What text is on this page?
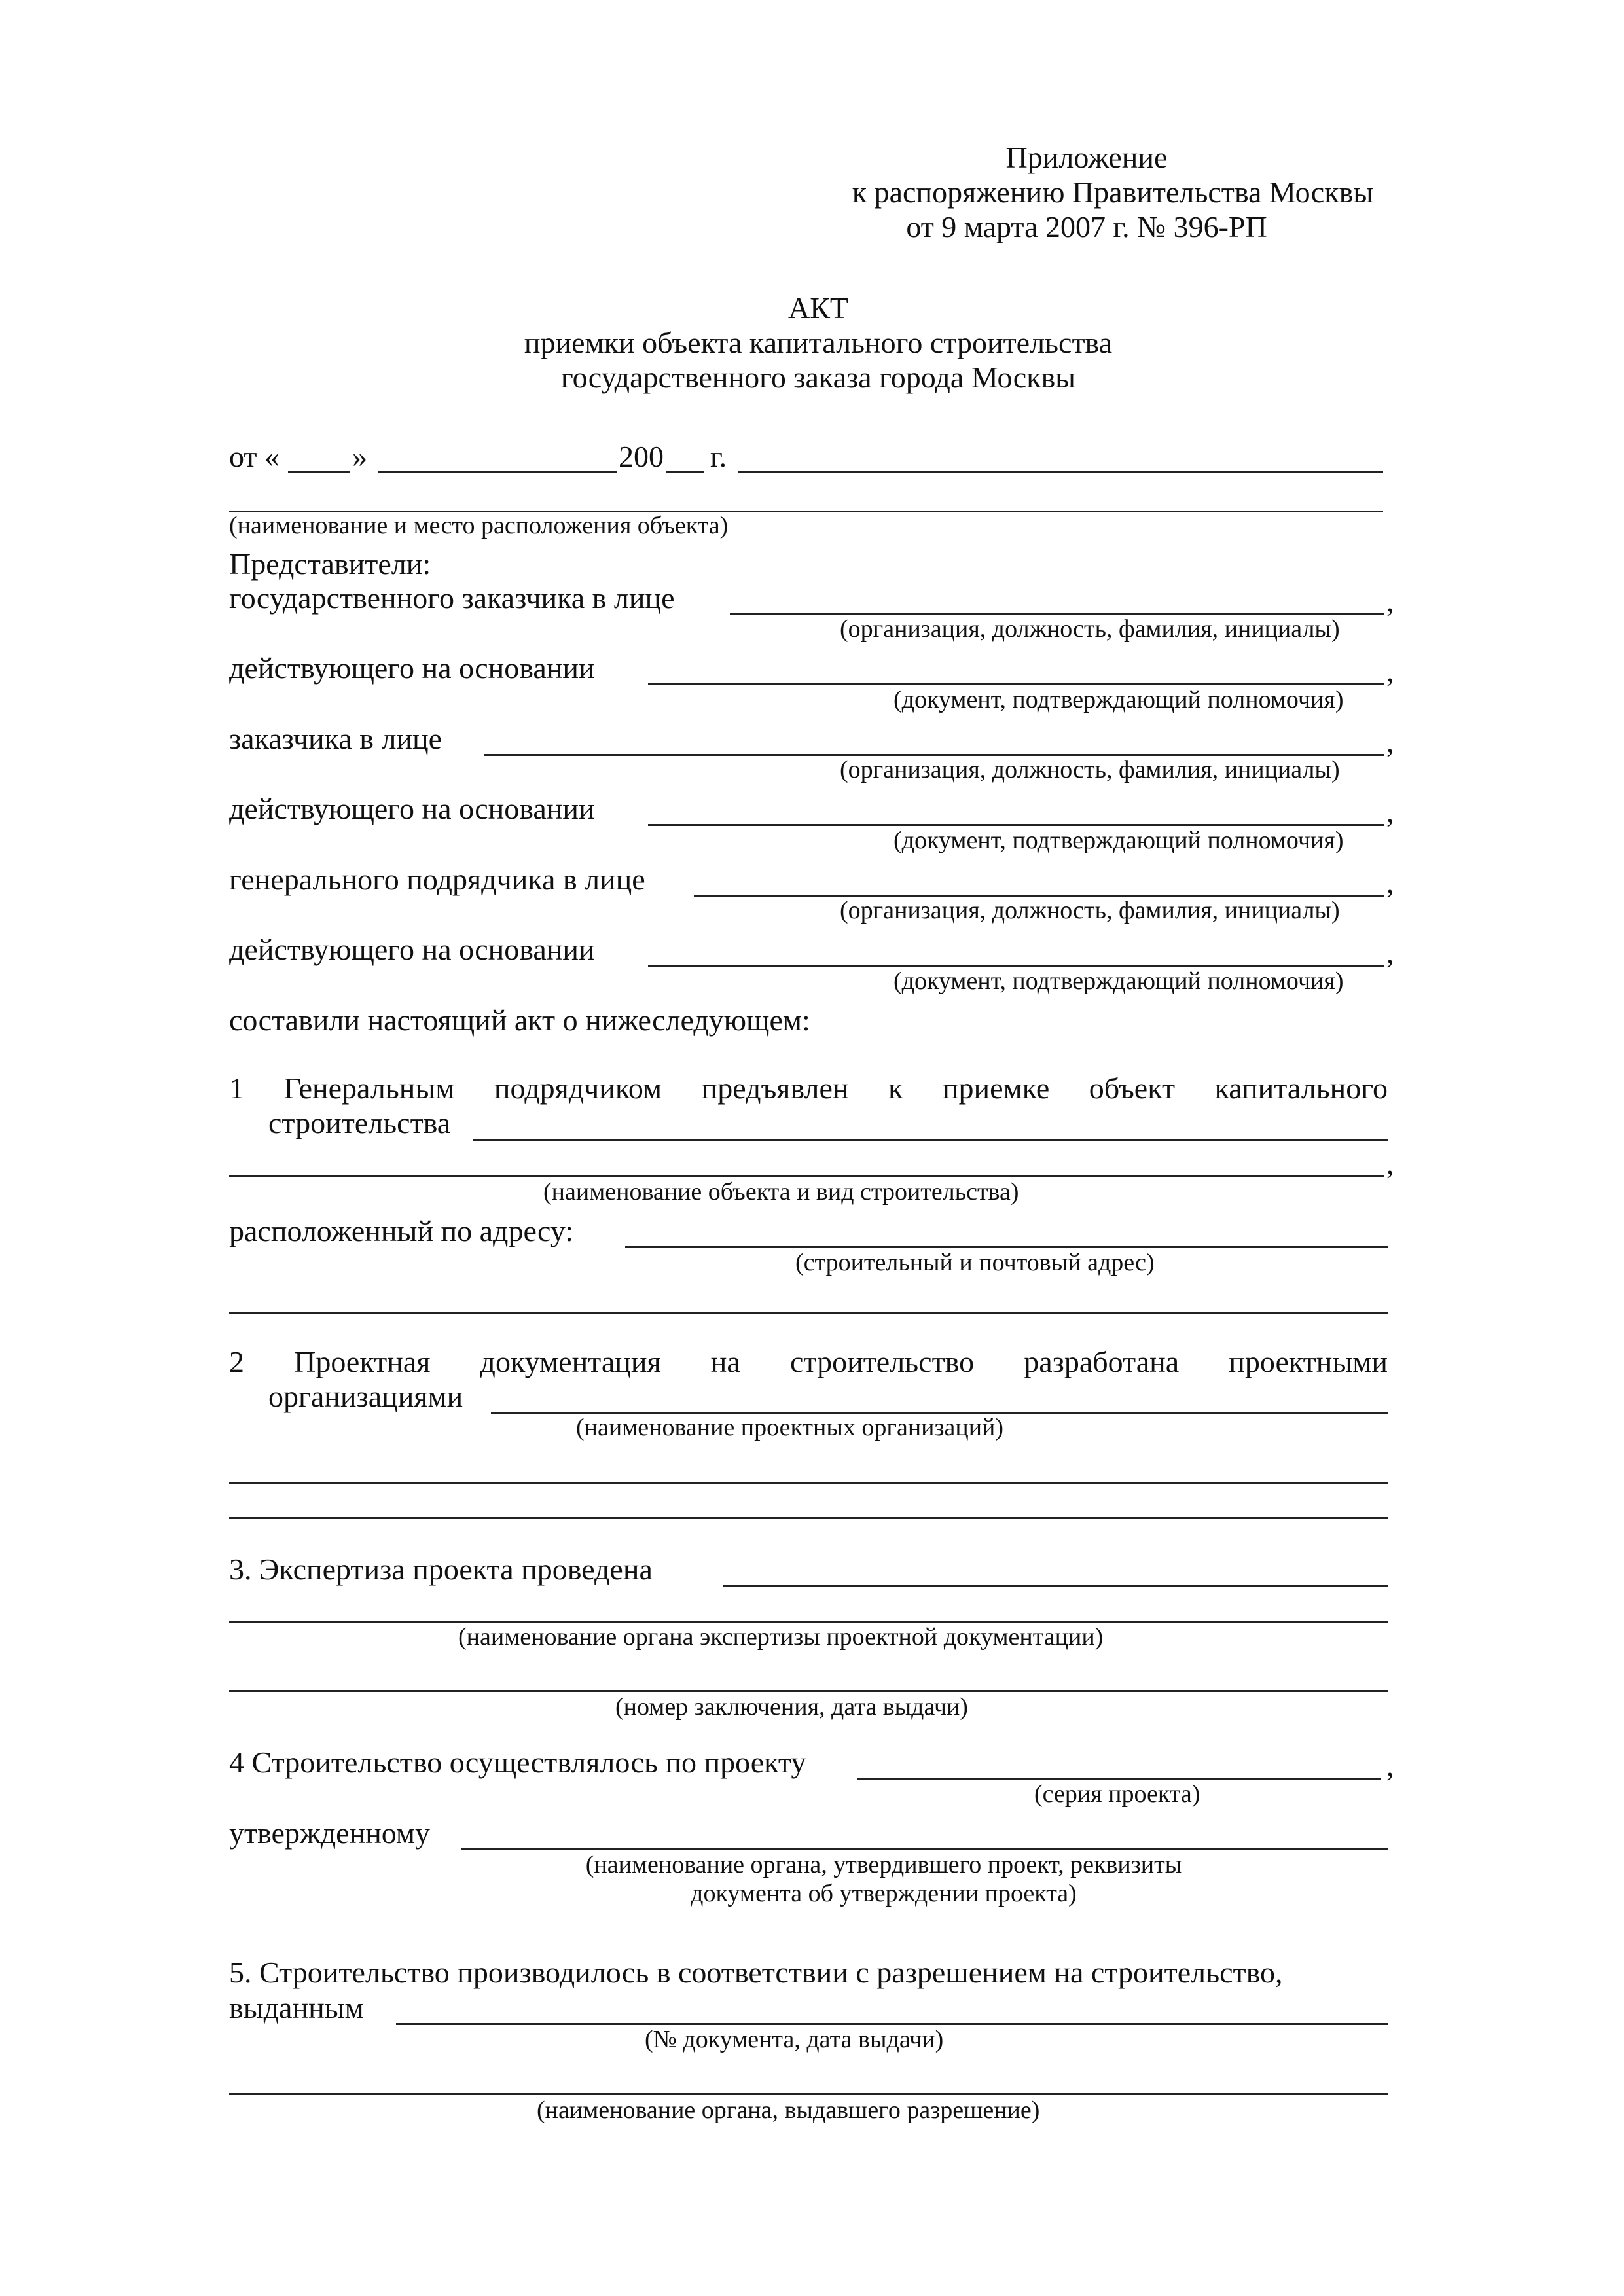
Приложение
к распоряжению Правительства Москвы
от 9 марта 2007 г. № 396-РП
АКТ
приемки объекта капитального строительства
государственного заказа города Москвы
от « »	200 г.
(наименование и место расположения объекта)
Представители:
государственного заказчика в лице	,
(организация, должность, фамилия, инициалы)
действующего на основании	,
(документ, подтверждающий полномочия)
заказчика в лице	,
(организация, должность, фамилия, инициалы)
действующего на основании	,
(документ, подтверждающий полномочия)
генерального подрядчика в лице	,
(организация, должность, фамилия, инициалы)
действующего на основании	,
(документ, подтверждающий полномочия)
составили настоящий акт о нижеследующем:
1 Генеральным подрядчиком предъявлен к приемке объект капитального
строительства
,
(наименование объекта и вид строительства)
расположенный по адресу:
(строительный и почтовый адрес)
2 Проектная документация на строительство разработана проектными
организациями
(наименование проектных организаций)
3. Экспертиза проекта проведена
(наименование органа экспертизы проектной документации)
(номер заключения, дата выдачи)
4 Строительство осуществлялось по проекту	,
(серия проекта)
утвержденному
(наименование органа, утвердившего проект, реквизиты
документа об утверждении проекта)
5. Строительство производилось в соответствии с разрешением на строительство,
выданным
(№ документа, дата выдачи)
(наименование органа, выдавшего разрешение)
